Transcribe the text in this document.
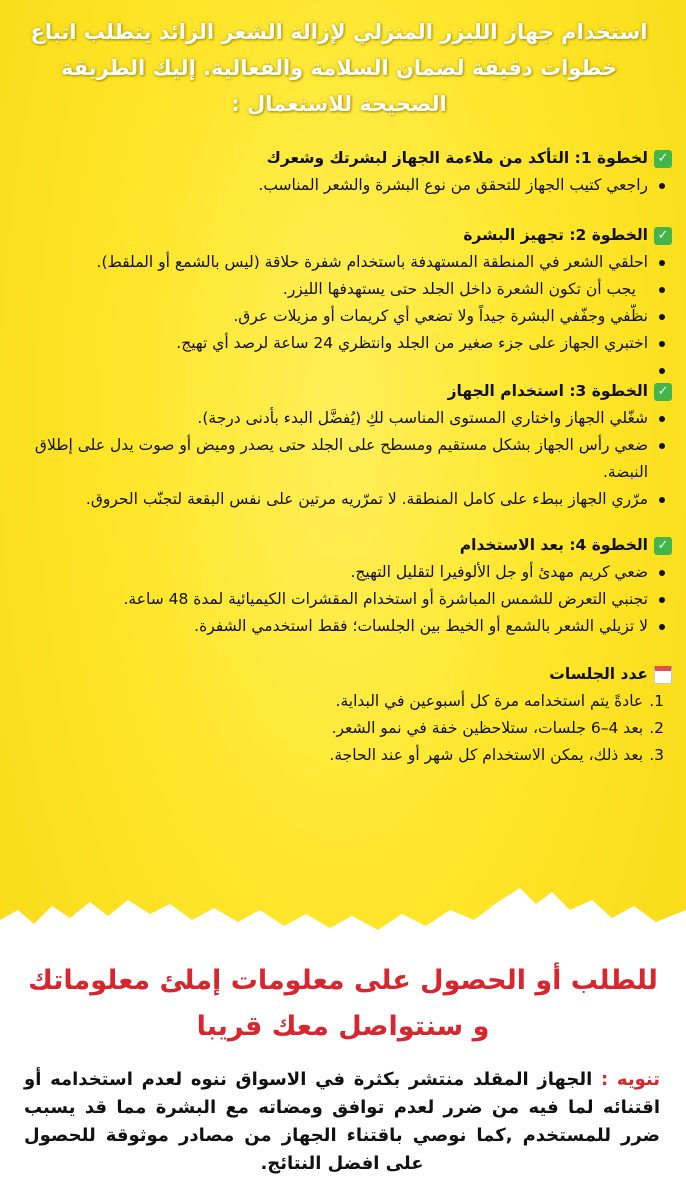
استخدام جهاز الليزر المنزلي لإزالة الشعر الزائد يتطلب اتباع خطوات دقيقة لضمان السلامة والفعالية. إليك الطريقة الصحيحة للاستعمال :
✓لخطوة 1: التأكد من ملاءمة الجهاز لبشرتك وشعرك
راجعي كتيب الجهاز للتحقق من نوع البشرة والشعر المناسب.
✓الخطوة 2: تجهيز البشرة
احلقي الشعر في المنطقة المستهدفة باستخدام شفرة حلاقة (ليس بالشمع أو الملقط).
يجب أن تكون الشعرة داخل الجلد حتى يستهدفها الليزر.
نظّفي وجفّفي البشرة جيداً ولا تضعي أي كريمات أو مزيلات عرق.
اختبري الجهاز على جزء صغير من الجلد وانتظري 24 ساعة لرصد أي تهيج.
✓الخطوة 3: استخدام الجهاز
شغّلي الجهاز واختاري المستوى المناسب لكِ (يُفضَّل البدء بأدنى درجة).
ضعي رأس الجهاز بشكل مستقيم ومسطح على الجلد حتى يصدر وميض أو صوت يدل على إطلاق النبضة.
مرّري الجهاز ببطء على كامل المنطقة. لا تمرّريه مرتين على نفس البقعة لتجنّب الحروق.
✓الخطوة 4: بعد الاستخدام
ضعي كريم مهدئ أو جل الألوفيرا لتقليل التهيج.
تجنبي التعرض للشمس المباشرة أو استخدام المقشرات الكيميائية لمدة 48 ساعة.
لا تزيلي الشعر بالشمع أو الخيط بين الجلسات؛ فقط استخدمي الشفرة.
عدد الجلسات
1.عادةً يتم استخدامه مرة كل أسبوعين في البداية.
2.بعد 4–6 جلسات، ستلاحظين خفة في نمو الشعر.
3.بعد ذلك، يمكن الاستخدام كل شهر أو عند الحاجة.
للطلب أو الحصول على معلومات إملئ معلوماتك و سنتواصل معك قريبا
تنويه : الجهاز المقلد منتشر بكثرة في الاسواق ننوه لعدم استخدامه أو اقتنائه لما فيه من ضرر لعدم توافق ومضاته مع البشرة مما قد يسبب ضرر للمستخدم ,كما نوصي باقتناء الجهاز من مصادر موثوقة للحصول على افضل النتائج.
